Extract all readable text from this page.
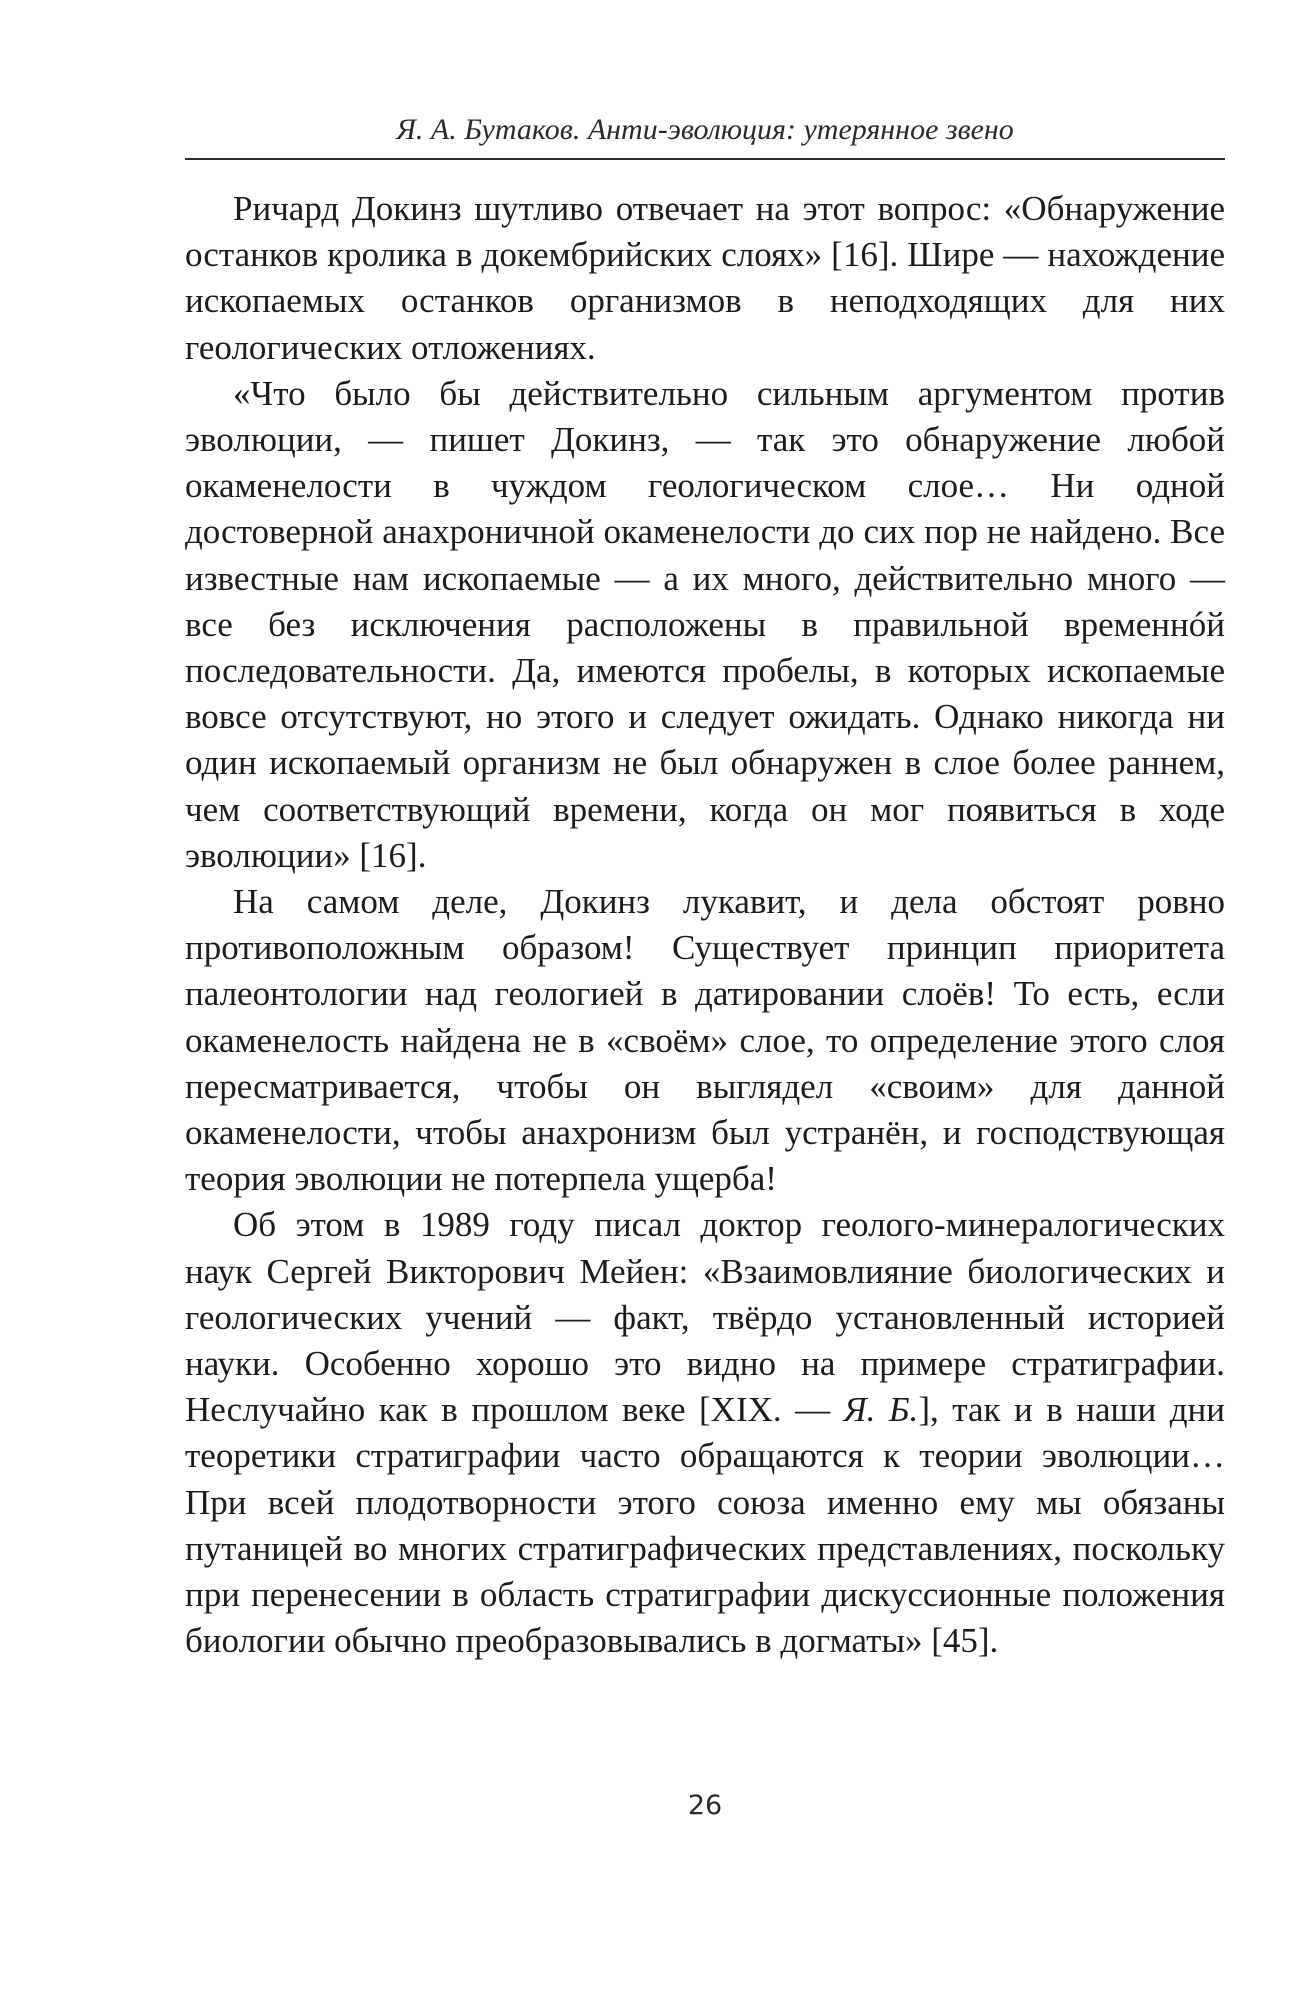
Я. А. Бутаков. Анти-эволюция: утерянное звено

Ричард Докинз шутливо отвечает на этот вопрос: «Обнаружение останков кролика в докембрийских слоях» [16]. Шире — нахождение ископаемых останков организмов в неподходящих для них геологических отложениях.

«Что было бы действительно сильным аргументом против эволюции, — пишет Докинз, — так это обнаружение любой окаменелости в чуждом геологическом слое… Ни одной достоверной анахроничной окаменелости до сих пор не найдено. Все известные нам ископаемые — а их много, действительно много — все без исключения расположены в правильной временнóй последовательности. Да, имеются пробелы, в которых ископаемые вовсе отсутствуют, но этого и следует ожидать. Однако никогда ни один ископаемый организм не был обнаружен в слое более раннем, чем соответствующий времени, когда он мог появиться в ходе эволюции» [16].

На самом деле, Докинз лукавит, и дела обстоят ровно противоположным образом! Существует принцип приоритета палеонтологии над геологией в датировании слоёв! То есть, если окаменелость найдена не в «своём» слое, то определение этого слоя пересматривается, чтобы он выглядел «своим» для данной окаменелости, чтобы анахронизм был устранён, и господствующая теория эволюции не потерпела ущерба!

Об этом в 1989 году писал доктор геолого-минералогических наук Сергей Викторович Мейен: «Взаимовлияние биологических и геологических учений — факт, твёрдо установленный историей науки. Особенно хорошо это видно на примере стратиграфии. Неслучайно как в прошлом веке [XIX. — Я. Б.], так и в наши дни теоретики стратиграфии часто обращаются к теории эволюции… При всей плодотворности этого союза именно ему мы обязаны путаницей во многих стратиграфических представлениях, поскольку при перенесении в область стратиграфии дискуссионные положения биологии обычно преобразовывались в догматы» [45].

26
